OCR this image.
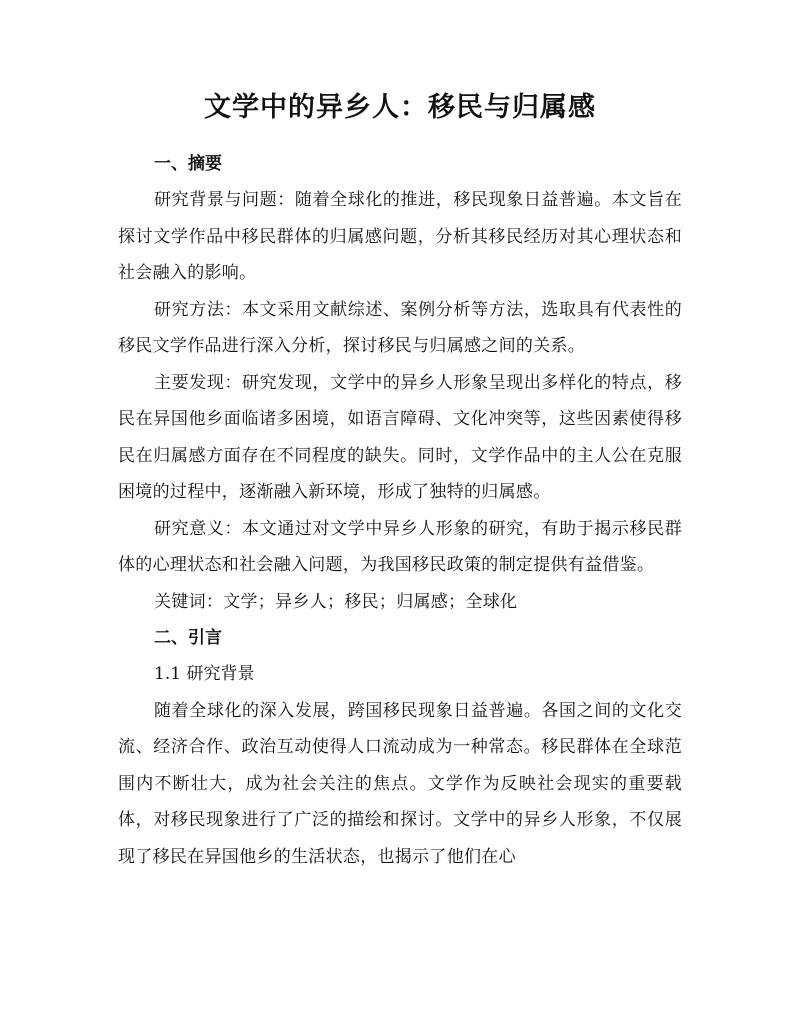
文学中的异乡人：移民与归属感

一、摘要

研究背景与问题：随着全球化的推进，移民现象日益普遍。本文旨在探讨文学作品中移民群体的归属感问题，分析其移民经历对其心理状态和社会融入的影响。

研究方法：本文采用文献综述、案例分析等方法，选取具有代表性的移民文学作品进行深入分析，探讨移民与归属感之间的关系。

主要发现：研究发现，文学中的异乡人形象呈现出多样化的特点，移民在异国他乡面临诸多困境，如语言障碍、文化冲突等，这些因素使得移民在归属感方面存在不同程度的缺失。同时，文学作品中的主人公在克服困境的过程中，逐渐融入新环境，形成了独特的归属感。

研究意义：本文通过对文学中异乡人形象的研究，有助于揭示移民群体的心理状态和社会融入问题，为我国移民政策的制定提供有益借鉴。

关键词：文学；异乡人；移民；归属感；全球化

二、引言

1.1 研究背景

随着全球化的深入发展，跨国移民现象日益普遍。各国之间的文化交流、经济合作、政治互动使得人口流动成为一种常态。移民群体在全球范围内不断壮大，成为社会关注的焦点。文学作为反映社会现实的重要载体，对移民现象进行了广泛的描绘和探讨。文学中的异乡人形象，不仅展现了移民在异国他乡的生活状态，也揭示了他们在心
